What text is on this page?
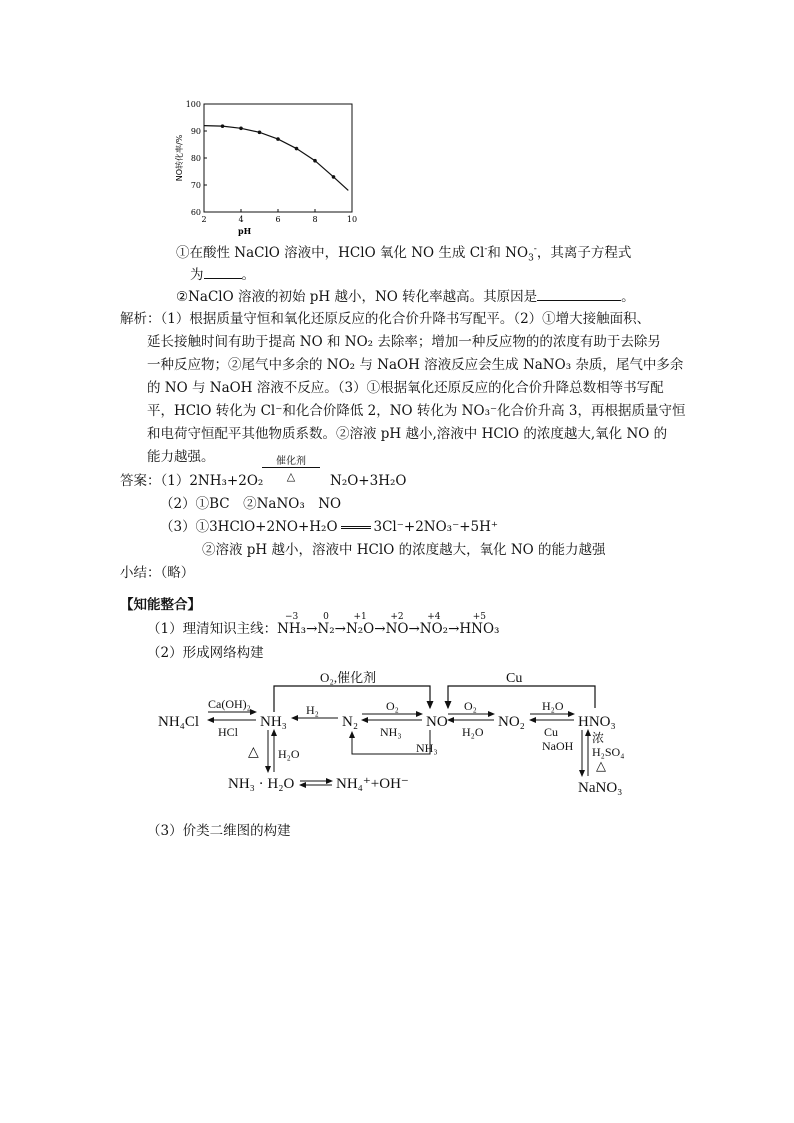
2	4	6	8	10
60
70
80
90
100
pH
NO转化率/%
①在酸性 NaClO 溶液中，HClO 氧化 NO 生成 Cl-和 $NO_3^-$，其离子方程式
为	。
②NaClO 溶液的初始 pH 越小，NO 转化率越高。其原因是	。
解析：（1）根据质量守恒和氧化还原反应的化合价升降书写配平。（2）①增大接触面积、
延长接触时间有助于提高 NO 和 NO₂ 去除率；增加一种反应物的的浓度有助于去除另
一种反应物；②尾气中多余的 NO₂ 与 NaOH 溶液反应会生成 NaNO₃ 杂质，尾气中多余
的 NO 与 NaOH 溶液不反应。（3）①根据氧化还原反应的化合价升降总数相等书写配
平，HClO 转化为 Cl⁻和化合价降低 2，NO 转化为 NO₃⁻化合价升高 3，再根据质量守恒
和电荷守恒配平其他物质系数。②溶液 pH 越小,溶液中 HClO 的浓度越大,氧化 NO 的
能力越强。
答案：（1）2NH₃+2O₂
催化剂
△	N₂O+3H₂O
（2）①BC　②NaNO₃　NO
（3）①3HClO+2NO+H₂O	3Cl⁻+2NO₃⁻+5H⁺
②溶液 pH 越小，溶液中 HClO 的浓度越大，氧化 NO 的能力越强
小结：（略）
【知能整合】
（1）理清知识主线：
−3
NH₃→
0
N₂→
+1
N₂O→
+2
NO→
+4
NO₂→
+5
HNO₃
（2）形成网络构建
NH₄Cl	NH₃	N₂	NO	NO₂	HNO₃
NH₃ · H₂O	NH₄⁺+OH⁻	NaNO₃
O₂,催化剂	Cu
Ca(OH)₂
HCl
H₂	O₂
NH₃
O₂
H₂O
H₂O
Cu
NaOH
NH₃
△ H₂O
浓
H₂SO₄
△
（3）价类二维图的构建
